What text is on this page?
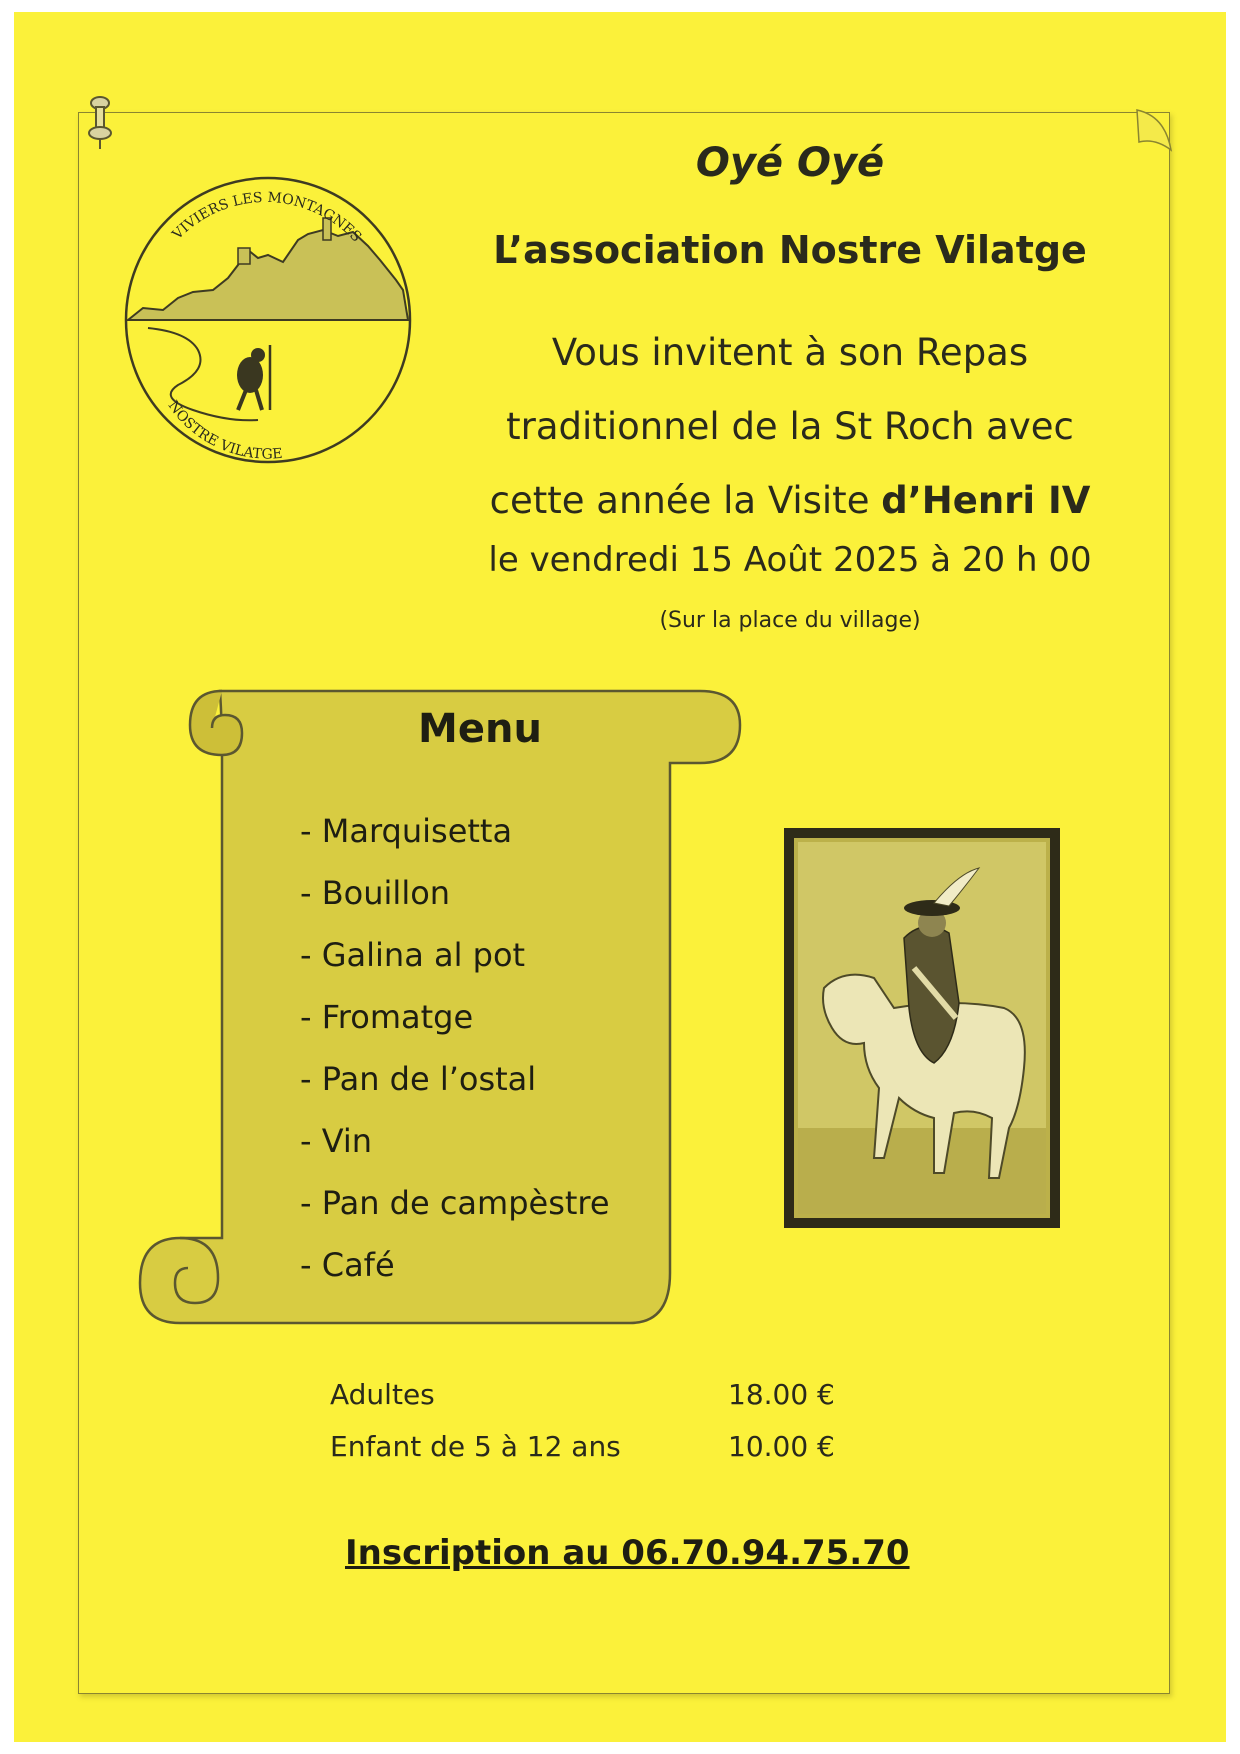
VIVIERS LES MONTAGNES
NOSTRE VILATGE

Oyé Oyé

L’association Nostre Vilatge

Vous invitent à son Repas
traditionnel de la St Roch avec
cette année la Visite d’Henri IV

le vendredi 15 Août 2025 à 20 h 00

(Sur la place du village)

Menu

- Marquisetta
- Bouillon
- Galina al pot
- Fromatge
- Pan de l’ostal
- Vin
- Pan de campèstre
- Café
Adultes	18.00 €
Enfant de 5 à 12 ans	10.00 €
Inscription au 06.70.94.75.70
